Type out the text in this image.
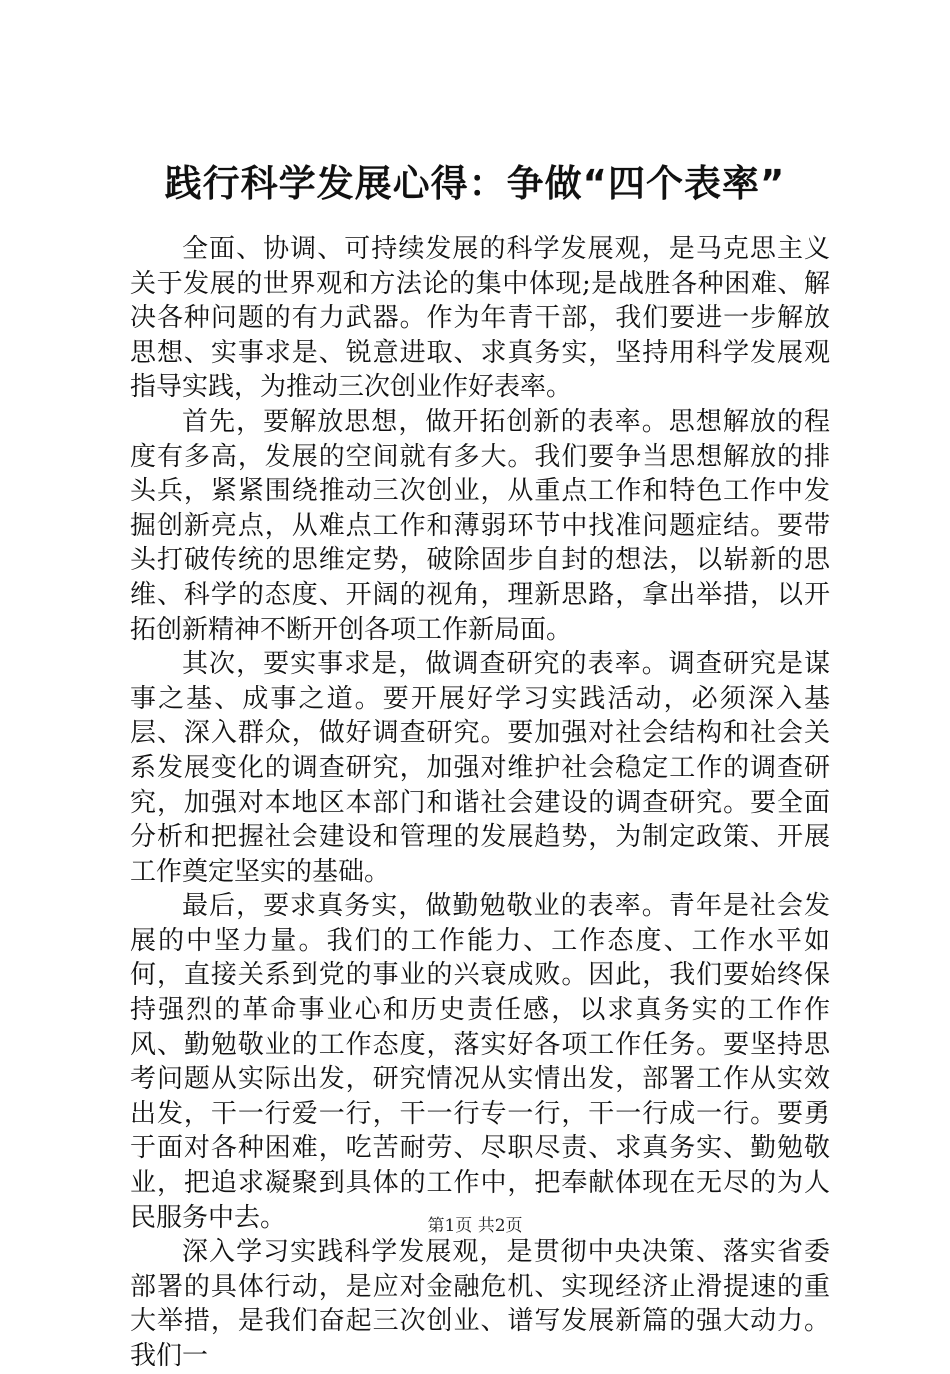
践行科学发展心得：争做“四个表率”

全面、协调、可持续发展的科学发展观，是马克思主义关于发展的世界观和方法论的集中体现;是战胜各种困难、解决各种问题的有力武器。作为年青干部，我们要进一步解放思想、实事求是、锐意进取、求真务实，坚持用科学发展观指导实践，为推动三次创业作好表率。

首先，要解放思想，做开拓创新的表率。思想解放的程度有多高，发展的空间就有多大。我们要争当思想解放的排头兵，紧紧围绕推动三次创业，从重点工作和特色工作中发掘创新亮点，从难点工作和薄弱环节中找准问题症结。要带头打破传统的思维定势，破除固步自封的想法，以崭新的思维、科学的态度、开阔的视角，理新思路，拿出举措，以开拓创新精神不断开创各项工作新局面。

其次，要实事求是，做调查研究的表率。调查研究是谋事之基、成事之道。要开展好学习实践活动，必须深入基层、深入群众，做好调查研究。要加强对社会结构和社会关系发展变化的调查研究，加强对维护社会稳定工作的调查研究，加强对本地区本部门和谐社会建设的调查研究。要全面分析和把握社会建设和管理的发展趋势，为制定政策、开展工作奠定坚实的基础。

最后，要求真务实，做勤勉敬业的表率。青年是社会发展的中坚力量。我们的工作能力、工作态度、工作水平如何，直接关系到党的事业的兴衰成败。因此，我们要始终保持强烈的革命事业心和历史责任感，以求真务实的工作作风、勤勉敬业的工作态度，落实好各项工作任务。要坚持思考问题从实际出发，研究情况从实情出发，部署工作从实效出发，干一行爱一行，干一行专一行，干一行成一行。要勇于面对各种困难，吃苦耐劳、尽职尽责、求真务实、勤勉敬业，把追求凝聚到具体的工作中，把奉献体现在无尽的为人民服务中去。

深入学习实践科学发展观，是贯彻中央决策、落实省委部署的具体行动，是应对金融危机、实现经济止滑提速的重大举措，是我们奋起三次创业、谱写发展新篇的强大动力。我们一

第1页 共2页
